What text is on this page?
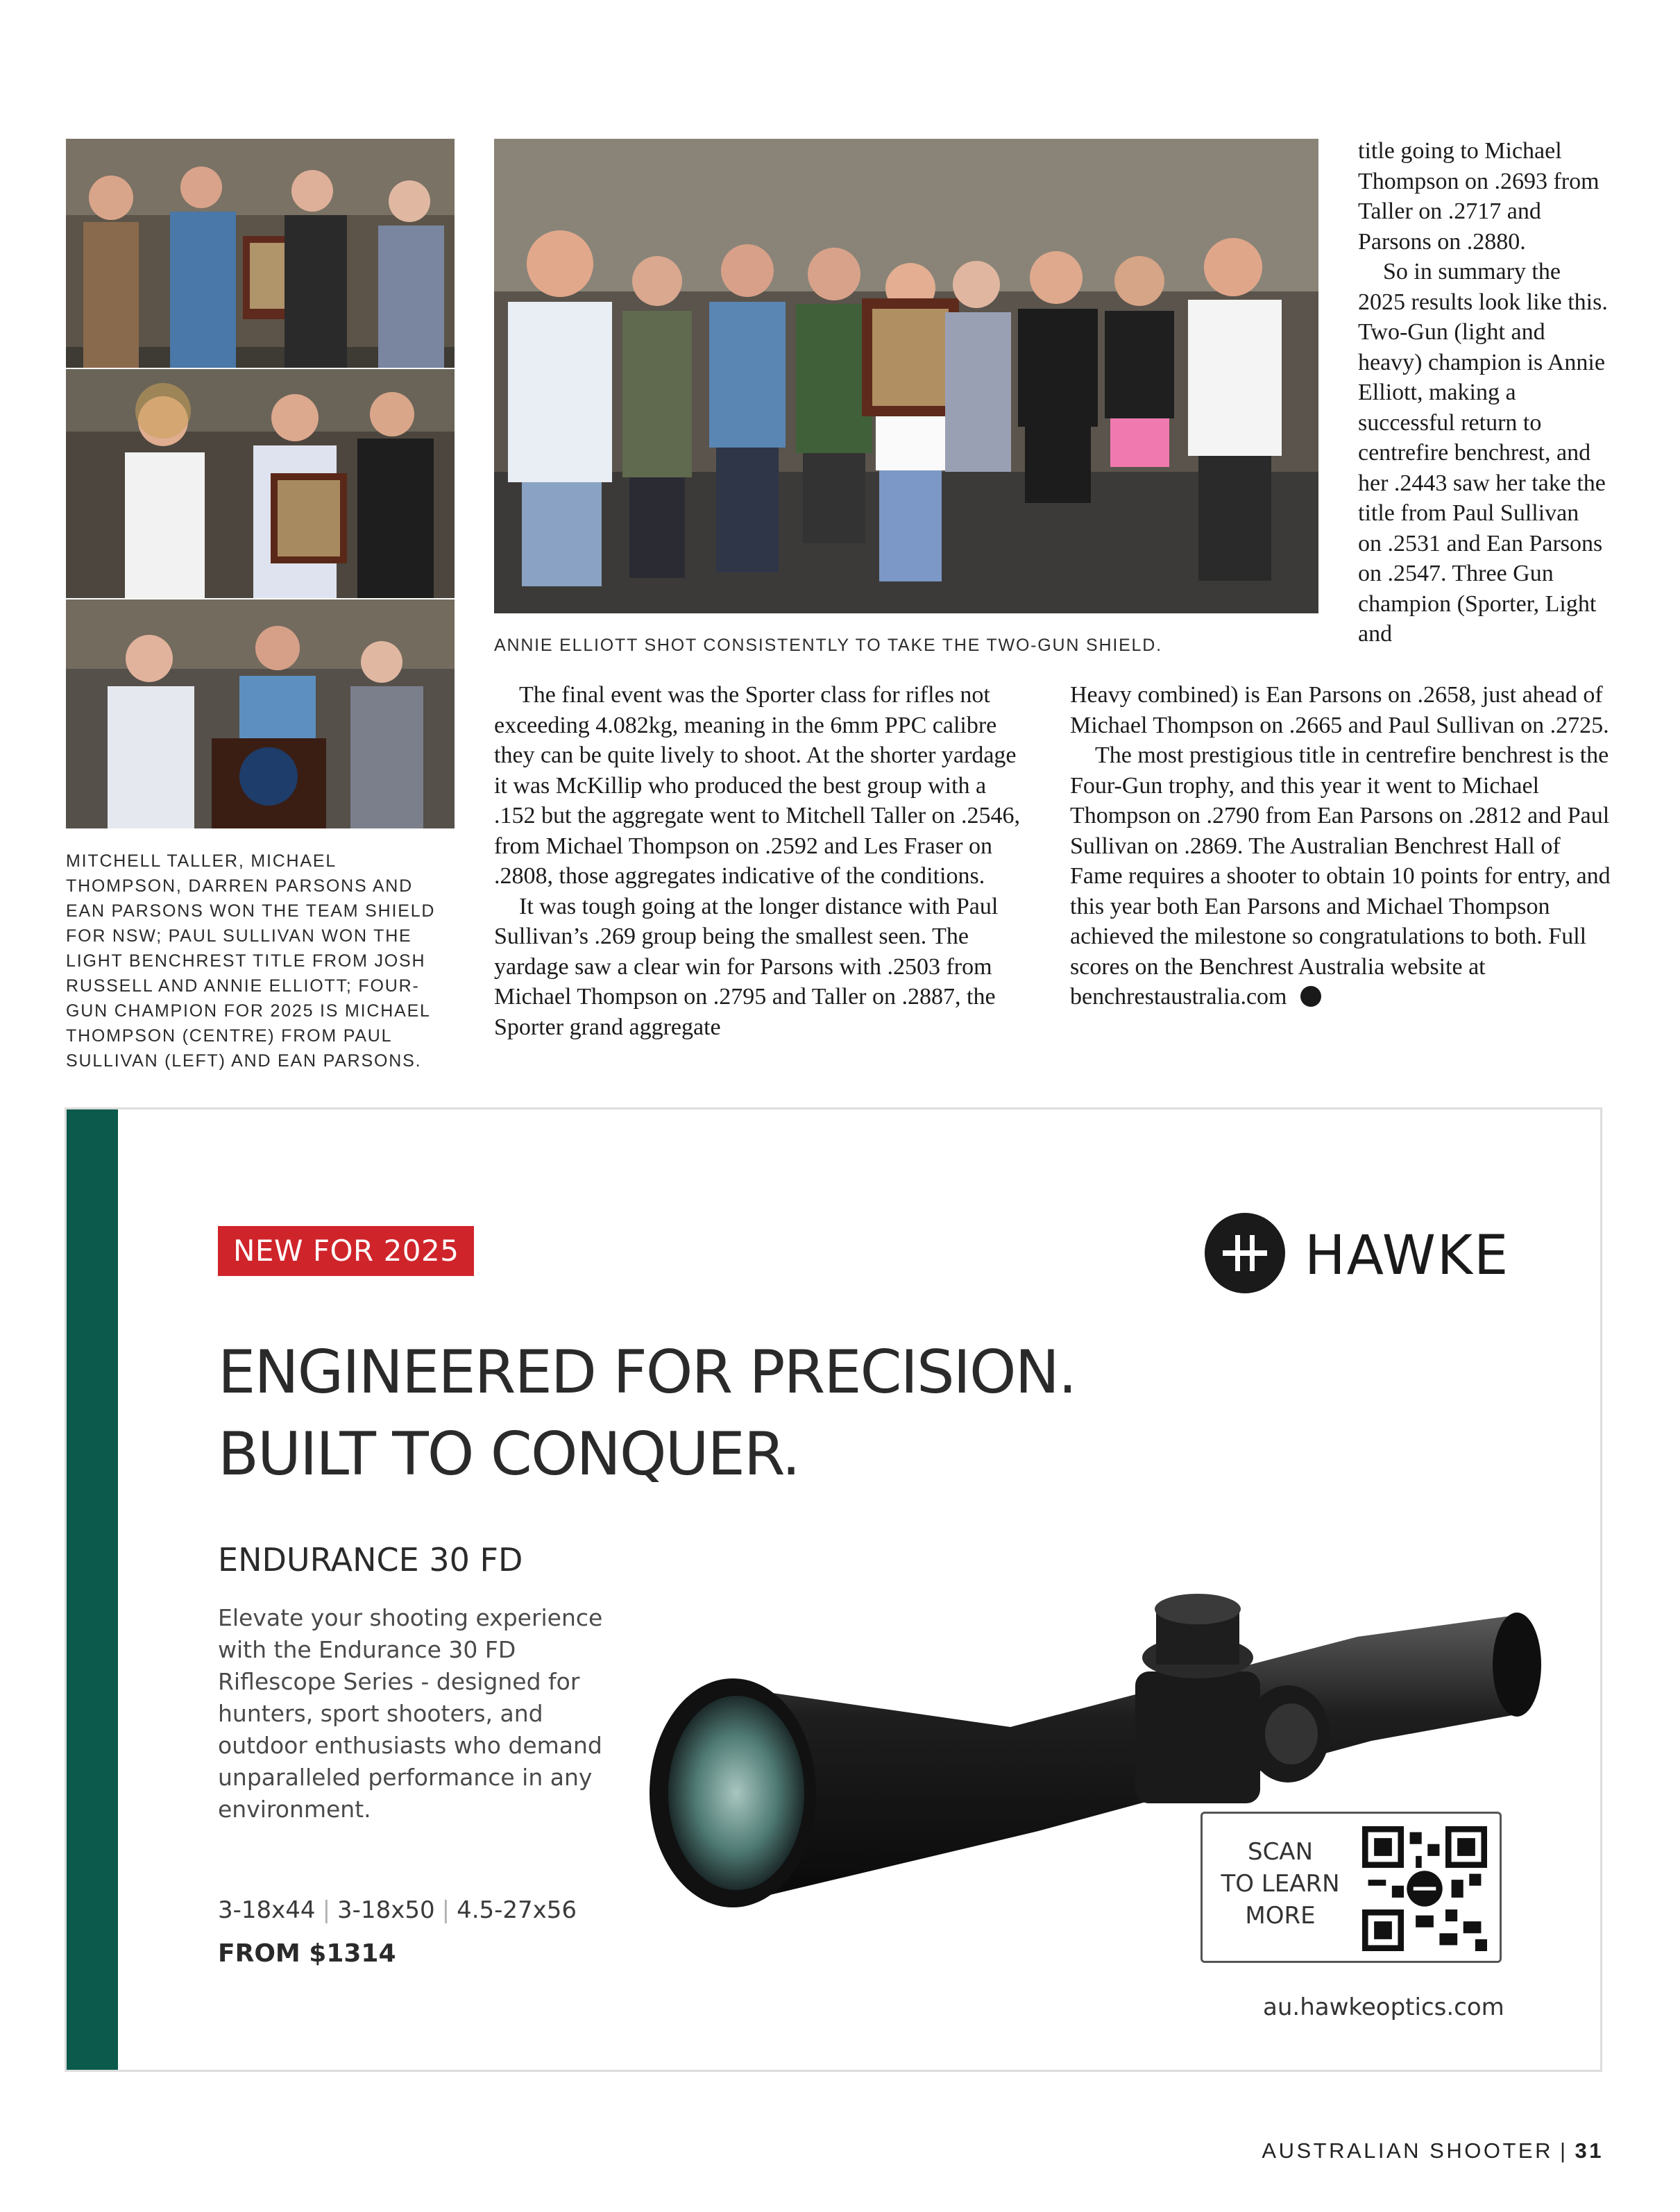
MITCHELL TALLER, MICHAEL THOMPSON, DARREN PARSONS AND EAN PARSONS WON THE TEAM SHIELD FOR NSW; PAUL SULLIVAN WON THE LIGHT BENCHREST TITLE FROM JOSH RUSSELL AND ANNIE ELLIOTT; FOUR-GUN CHAMPION FOR 2025 IS MICHAEL THOMPSON (CENTRE) FROM PAUL SULLIVAN (LEFT) AND EAN PARSONS.
ANNIE ELLIOTT SHOT CONSISTENTLY TO TAKE THE TWO-GUN SHIELD.

title going to Michael Thompson on .2693 from Taller on .2717 and Parsons on .2880.

So in summary the 2025 results look like this. Two-Gun (light and heavy) champion is Annie Elliott, making a successful return to centrefire benchrest, and her .2443 saw her take the title from Paul Sullivan on .2531 and Ean Parsons on .2547. Three Gun champion (Sporter, Light and

The final event was the Sporter class for rifles not exceeding 4.082kg, meaning in the 6mm PPC calibre they can be quite lively to shoot. At the shorter yardage it was McKillip who produced the best group with a .152 but the aggregate went to Mitchell Taller on .2546, from Michael Thompson on .2592 and Les Fraser on .2808, those aggregates indicative of the conditions.

It was tough going at the longer distance with Paul Sullivan’s .269 group being the smallest seen. The yardage saw a clear win for Parsons with .2503 from Michael Thompson on .2795 and Taller on .2887, the Sporter grand aggregate

Heavy combined) is Ean Parsons on .2658, just ahead of Michael Thompson on .2665 and Paul Sullivan on .2725.

The most prestigious title in centrefire benchrest is the Four-Gun trophy, and this year it went to Michael Thompson on .2790 from Ean Parsons on .2812 and Paul Sullivan on .2869. The Australian Benchrest Hall of Fame requires a shooter to obtain 10 points for entry, and this year both Ean Parsons and Michael Thompson achieved the milestone so congratulations to both. Full scores on the Benchrest Australia website at benchrestaustralia.com

NEW FOR 2025	HAWKE
ENGINEERED FOR PRECISION.
BUILT TO CONQUER.
ENDURANCE 30 FD
Elevate your shooting experience with the Endurance 30 FD Riflescope Series - designed for hunters, sport shooters, and outdoor enthusiasts who demand unparalleled performance in any environment.
3-18x44 | 3-18x50 | 4.5-27x56
FROM $1314
SCAN
TO LEARN
MORE
au.hawkeoptics.com
AUSTRALIAN SHOOTER | 31
